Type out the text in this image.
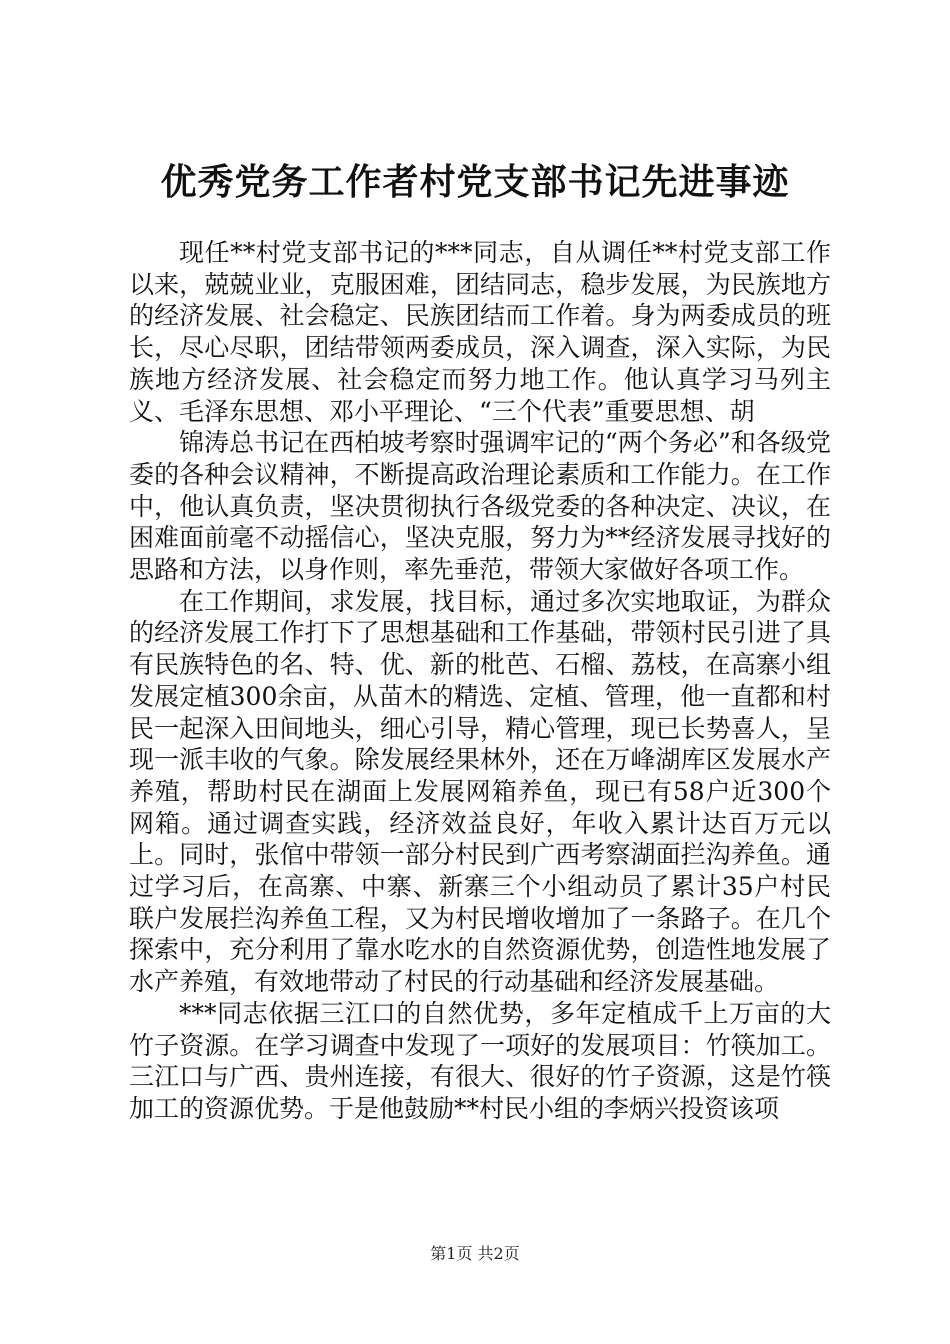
优秀党务工作者村党支部书记先进事迹

现任**村党支部书记的***同志，自从调任**村党支部工作以来，兢兢业业，克服困难，团结同志，稳步发展，为民族地方的经济发展、社会稳定、民族团结而工作着。身为两委成员的班长，尽心尽职，团结带领两委成员，深入调查，深入实际，为民族地方经济发展、社会稳定而努力地工作。他认真学习马列主义、毛泽东思想、邓小平理论、“三个代表”重要思想、胡

锦涛总书记在西柏坡考察时强调牢记的“两个务必”和各级党委的各种会议精神，不断提高政治理论素质和工作能力。在工作中，他认真负责，坚决贯彻执行各级党委的各种决定、决议，在困难面前毫不动摇信心，坚决克服，努力为**经济发展寻找好的思路和方法，以身作则，率先垂范，带领大家做好各项工作。

在工作期间，求发展，找目标，通过多次实地取证，为群众的经济发展工作打下了思想基础和工作基础，带领村民引进了具有民族特色的名、特、优、新的枇芭、石榴、荔枝，在高寨小组发展定植300余亩，从苗木的精选、定植、管理，他一直都和村民一起深入田间地头，细心引导，精心管理，现已长势喜人，呈现一派丰收的气象。除发展经果林外，还在万峰湖库区发展水产养殖，帮助村民在湖面上发展网箱养鱼，现已有58户近300个网箱。通过调查实践，经济效益良好，年收入累计达百万元以上。同时，张倌中带领一部分村民到广西考察湖面拦沟养鱼。通过学习后，在高寨、中寨、新寨三个小组动员了累计35户村民联户发展拦沟养鱼工程，又为村民增收增加了一条路子。在几个探索中，充分利用了靠水吃水的自然资源优势，创造性地发展了水产养殖，有效地带动了村民的行动基础和经济发展基础。

***同志依据三江口的自然优势，多年定植成千上万亩的大竹子资源。在学习调查中发现了一项好的发展项目：竹筷加工。三江口与广西、贵州连接，有很大、很好的竹子资源，这是竹筷加工的资源优势。于是他鼓励**村民小组的李炳兴投资该项

第1页 共2页
